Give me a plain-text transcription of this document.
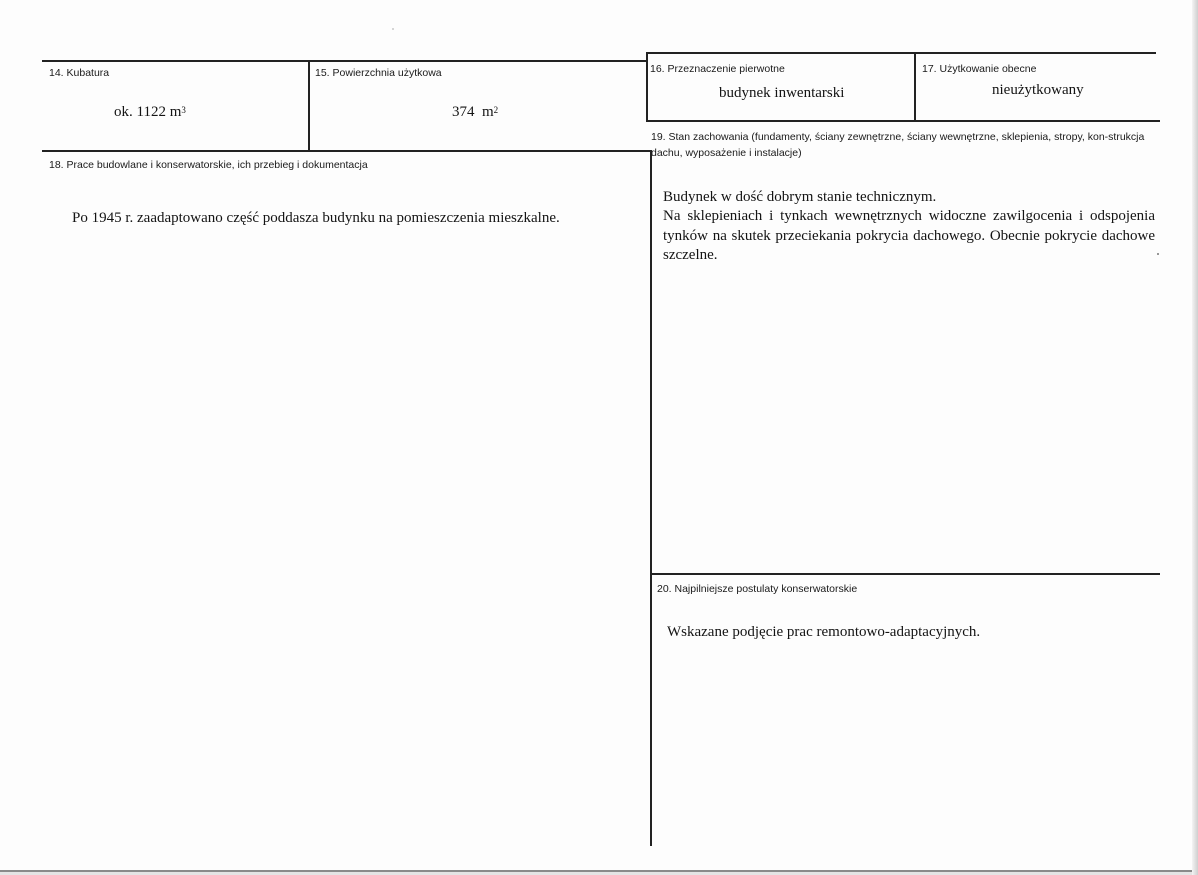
14. Kubatura
ok. 1122 $m^3$
15. Powierzchnia użytkowa
374  $m^2$
16. Przeznaczenie pierwotne
budynek inwentarski
17. Użytkowanie obecne
nieużytkowany
18. Prace budowlane i konserwatorskie, ich przebieg i dokumentacja
Po 1945 r. zaadaptowano część poddasza budynku na pomieszczenia mieszkalne.
19. Stan zachowania (fundamenty, ściany zewnętrzne, ściany wewnętrzne, sklepienia, stropy, kon-strukcja dachu, wyposażenie i instalacje)
Budynek w dość dobrym stanie technicznym.
Na sklepieniach i tynkach wewnętrznych widoczne zawilgocenia i odspojenia tynków na skutek przeciekania pokrycia dachowego. Obecnie pokrycie dachowe szczelne.
20. Najpilniejsze postulaty konserwatorskie
Wskazane podjęcie prac remontowo-adaptacyjnych.
